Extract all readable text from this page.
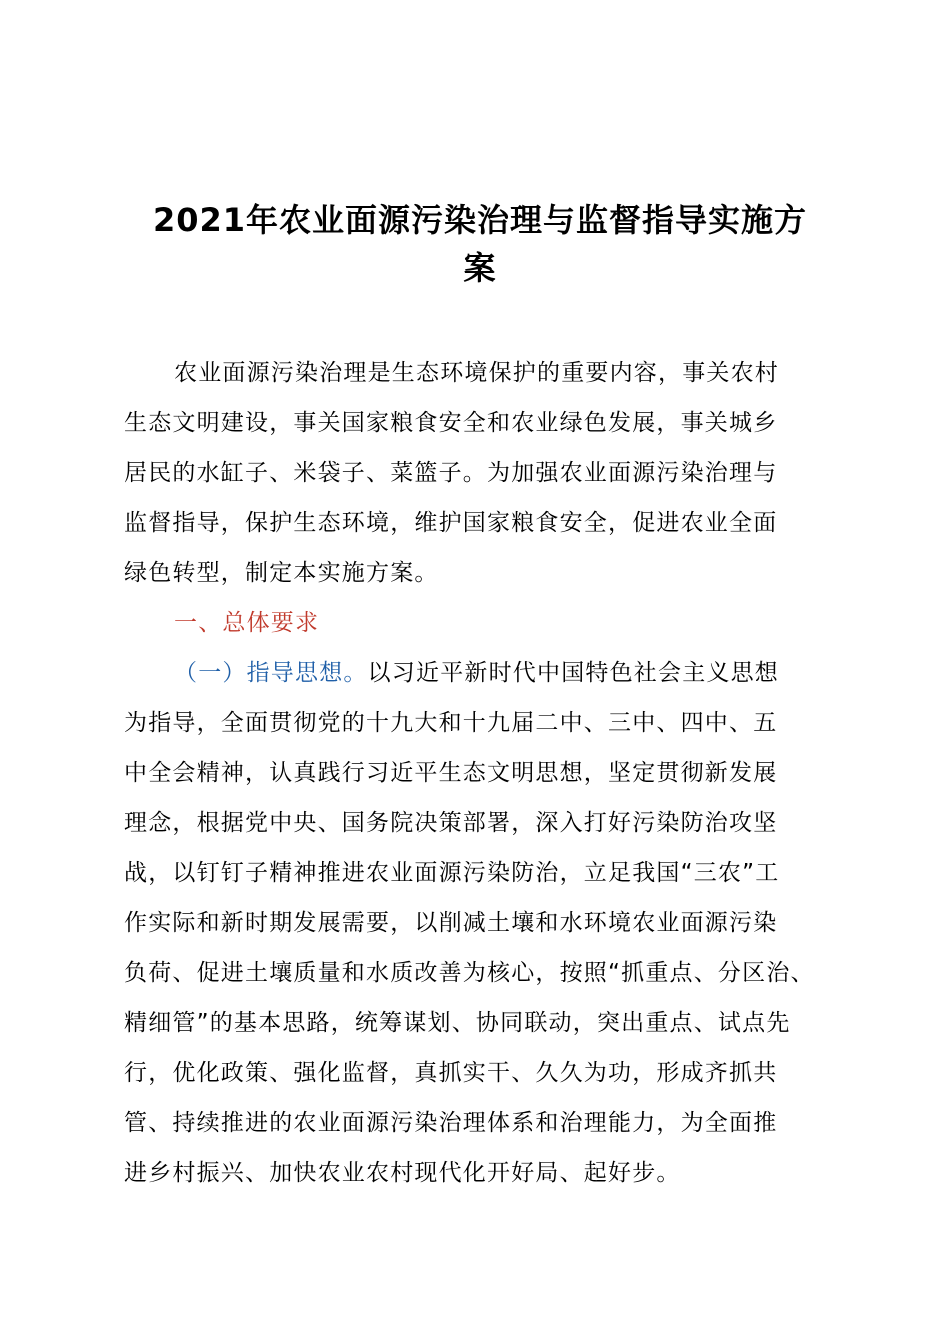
2021年农业面源污染治理与监督指导实施方
案
农业面源污染治理是生态环境保护的重要内容，事关农村
生态文明建设，事关国家粮食安全和农业绿色发展，事关城乡
居民的水缸子、米袋子、菜篮子。为加强农业面源污染治理与
监督指导，保护生态环境，维护国家粮食安全，促进农业全面
绿色转型，制定本实施方案。
一、总体要求
（一）指导思想。以习近平新时代中国特色社会主义思想
为指导，全面贯彻党的十九大和十九届二中、三中、四中、五
中全会精神，认真践行习近平生态文明思想，坚定贯彻新发展
理念，根据党中央、国务院决策部署，深入打好污染防治攻坚
战，以钉钉子精神推进农业面源污染防治，立足我国“三农”工
作实际和新时期发展需要，以削减土壤和水环境农业面源污染
负荷、促进土壤质量和水质改善为核心，按照“抓重点、分区治、
精细管”的基本思路，统筹谋划、协同联动，突出重点、试点先
行，优化政策、强化监督，真抓实干、久久为功，形成齐抓共
管、持续推进的农业面源污染治理体系和治理能力，为全面推
进乡村振兴、加快农业农村现代化开好局、起好步。
